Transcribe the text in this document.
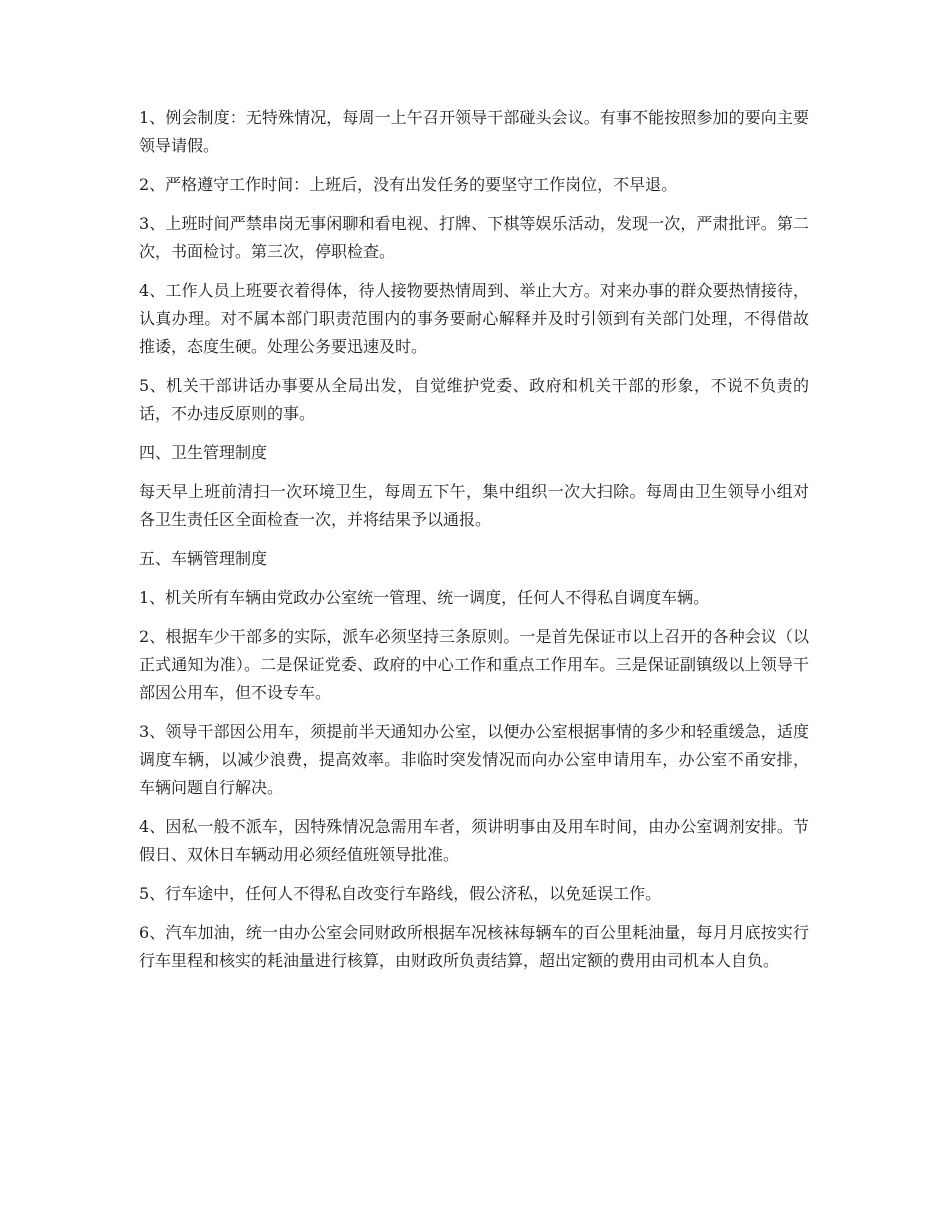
1、例会制度：无特殊情况，每周一上午召开领导干部碰头会议。有事不能按照参加的要向主要领导请假。

2、严格遵守工作时间：上班后，没有出发任务的要坚守工作岗位，不早退。

3、上班时间严禁串岗无事闲聊和看电视、打牌、下棋等娱乐活动，发现一次，严肃批评。第二次，书面检讨。第三次，停职检查。

4、工作人员上班要衣着得体，待人接物要热情周到、举止大方。对来办事的群众要热情接待，认真办理。对不属本部门职责范围内的事务要耐心解释并及时引领到有关部门处理，不得借故推诿，态度生硬。处理公务要迅速及时。

5、机关干部讲话办事要从全局出发，自觉维护党委、政府和机关干部的形象，不说不负责的话，不办违反原则的事。

四、卫生管理制度

每天早上班前清扫一次环境卫生，每周五下午，集中组织一次大扫除。每周由卫生领导小组对各卫生责任区全面检查一次，并将结果予以通报。

五、车辆管理制度

1、机关所有车辆由党政办公室统一管理、统一调度，任何人不得私自调度车辆。

2、根据车少干部多的实际，派车必须坚持三条原则。一是首先保证市以上召开的各种会议（以正式通知为准）。二是保证党委、政府的中心工作和重点工作用车。三是保证副镇级以上领导干部因公用车，但不设专车。

3、领导干部因公用车，须提前半天通知办公室，以便办公室根据事情的多少和轻重缓急，适度调度车辆，以减少浪费，提高效率。非临时突发情况而向办公室申请用车，办公室不甬安排，车辆问题自行解决。

4、因私一般不派车，因特殊情况急需用车者，须讲明事由及用车时间，由办公室调剂安排。节假日、双休日车辆动用必须经值班领导批准。

5、行车途中，任何人不得私自改变行车路线，假公济私，以免延误工作。

6、汽车加油，统一由办公室会同财政所根据车况核袜每辆车的百公里耗油量，每月月底按实行行车里程和核实的耗油量进行核算，由财政所负责结算，超出定额的费用由司机本人自负。
